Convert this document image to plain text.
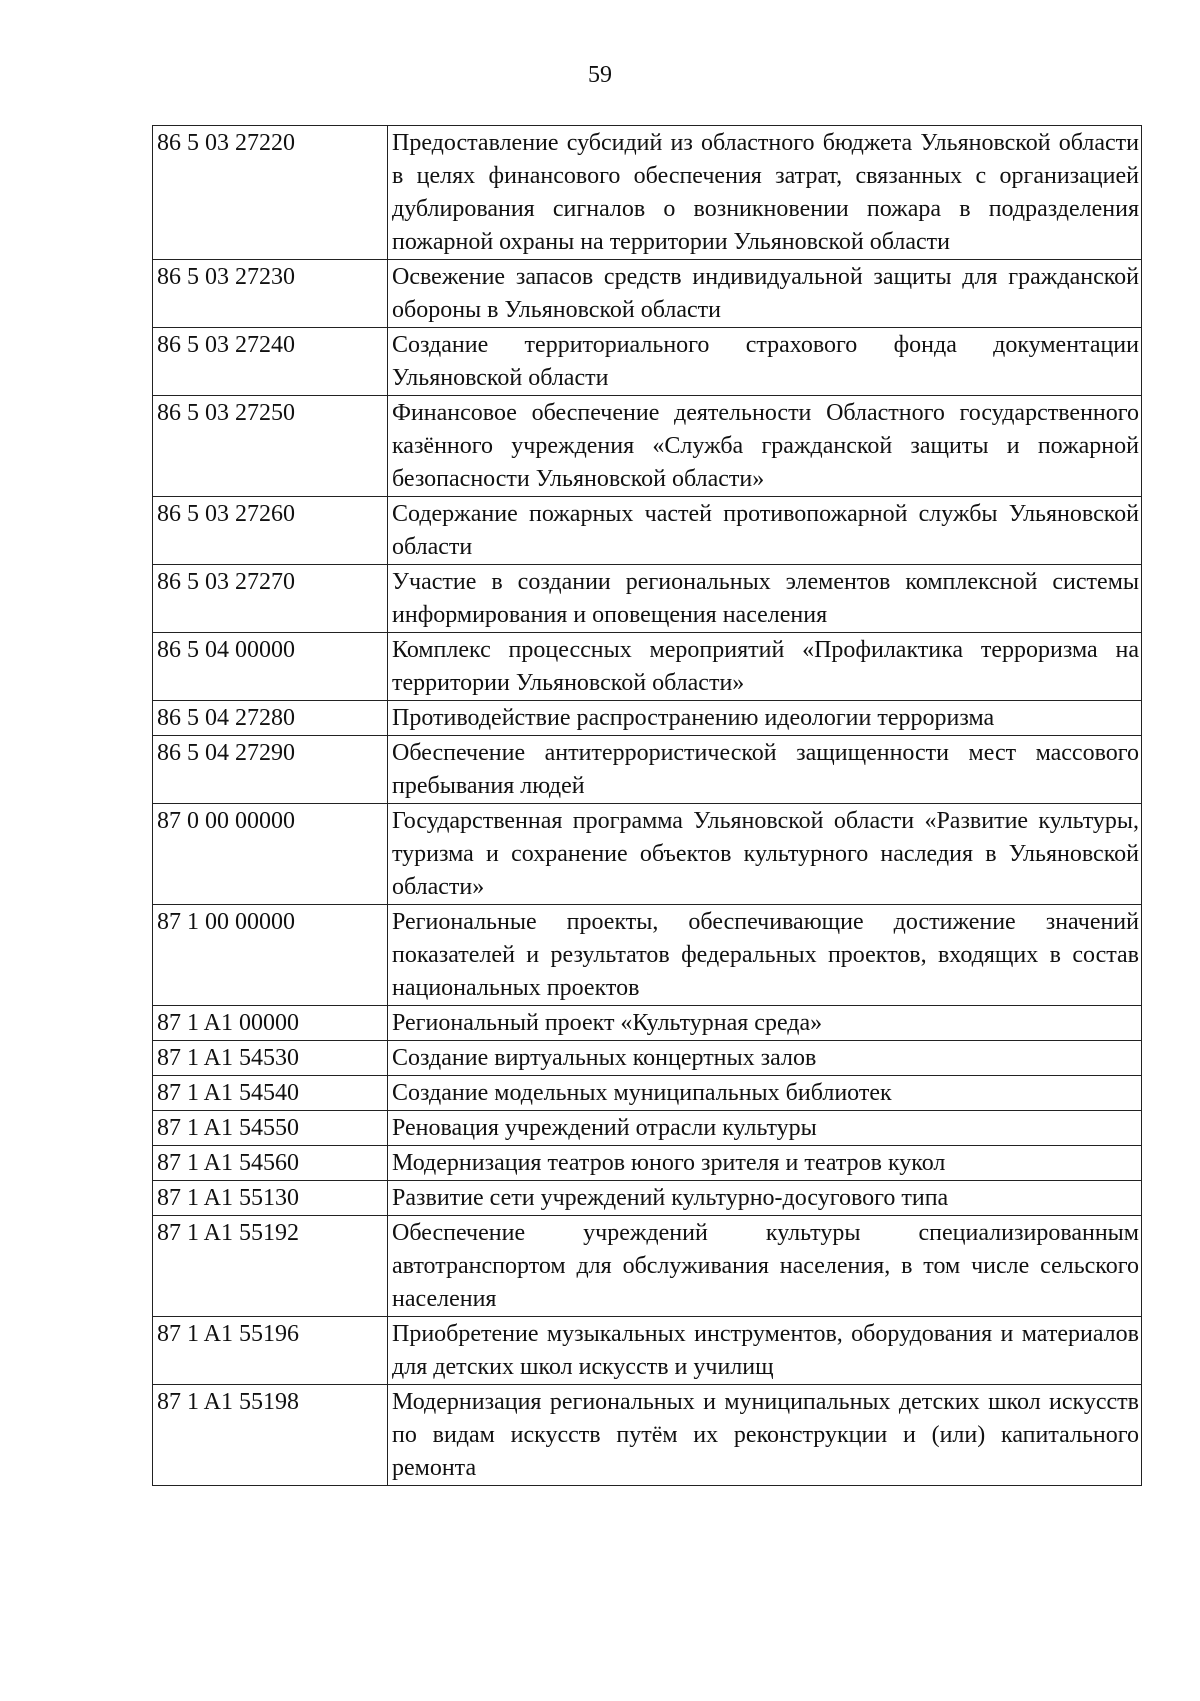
59
86 5 03 27220	Предоставление субсидий из областного бюджета Ульяновской области в целях финансового обеспечения затрат, связанных с организацией дублирования сигналов о возникновении пожара в подразделения пожарной охраны на территории Ульяновской области
86 5 03 27230	Освежение запасов средств индивидуальной защиты для гражданской обороны в Ульяновской области
86 5 03 27240	Создание территориального страхового фонда документации Ульяновской области
86 5 03 27250	Финансовое обеспечение деятельности Областного государственного казённого учреждения «Служба гражданской защиты и пожарной безопасности Ульяновской области»
86 5 03 27260	Содержание пожарных частей противопожарной службы Ульяновской области
86 5 03 27270	Участие в создании региональных элементов комплексной системы информирования и оповещения населения
86 5 04 00000	Комплекс процессных мероприятий «Профилактика терроризма на территории Ульяновской области»
86 5 04 27280	Противодействие распространению идеологии терроризма
86 5 04 27290	Обеспечение антитеррористической защищенности мест массового пребывания людей
87 0 00 00000	Государственная программа Ульяновской области «Развитие культуры, туризма и сохранение объектов культурного наследия в Ульяновской области»
87 1 00 00000	Региональные проекты, обеспечивающие достижение значений показателей и результатов федеральных проектов, входящих в состав национальных проектов
87 1 A1 00000	Региональный проект «Культурная среда»
87 1 A1 54530	Создание виртуальных концертных залов
87 1 A1 54540	Создание модельных муниципальных библиотек
87 1 A1 54550	Реновация учреждений отрасли культуры
87 1 A1 54560	Модернизация театров юного зрителя и театров кукол
87 1 A1 55130	Развитие сети учреждений культурно-досугового типа
87 1 A1 55192	Обеспечение учреждений культуры специализированным автотранспортом для обслуживания населения, в том числе сельского населения
87 1 A1 55196	Приобретение музыкальных инструментов, оборудования и материалов для детских школ искусств и училищ
87 1 A1 55198	Модернизация региональных и муниципальных детских школ искусств по видам искусств путём их реконструкции и (или) капитального ремонта
